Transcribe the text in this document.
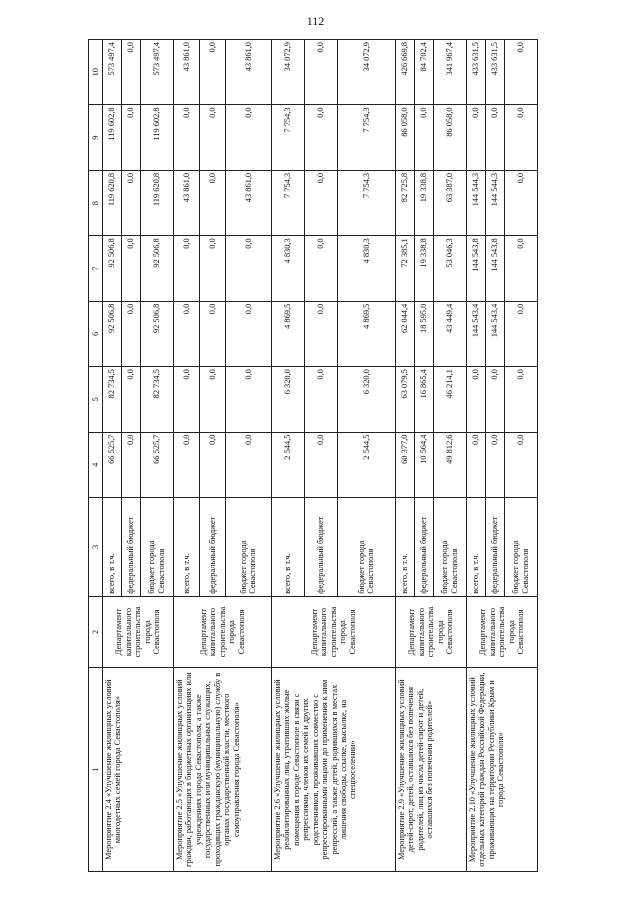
112
1	2	3	4	5	6	7	8	9	10
Мероприятие 2.4 «Улучшение жилищных условий многодетных семей города Севастополя»	Департамент капитального строительства города Севастополя	всего, в т.ч.	66 525,7	82 734,5	92 506,8	92 506,8	119 620,8	119 602,8	573 497,4
		федеральный бюджет	0,0	0,0	0,0	0,0	0,0	0,0	0,0
		бюджет города Севастополя	66 525,7	82 734,5	92 506,8	92 506,8	119 620,8	119 602,8	573 497,4
Мероприятие 2.5 «Улучшение жилищных условий граждан, работающих в бюджетных организациях или учреждениях города Севастополя, а также государственных или муниципальных служащих, проходящих гражданскую (муниципальную) службу в органах государственной власти, местного самоуправления города Севастополя»	Департамент капитального строительства города Севастополя	всего, в т.ч.	0,0	0,0	0,0	0,0	43 861,0	0,0	43 861,0
		федеральный бюджет	0,0	0,0	0,0	0,0	0,0	0,0	0,0
		бюджет города Севастополя	0,0	0,0	0,0	0,0	43 861,0	0,0	43 861,0
Мероприятие 2.6 «Улучшение жилищных условий реабилитированных лиц, утративших жилые помещения в городе Севастополе в связи с репрессиями, членов их семей и других родственников, проживавших совместно с репрессированными лицами до применения к ним репрессий, а также детей, родившихся в местах лишения свободы, ссылке, высылке, на спецпоселении»	Департамент капитального строительства города Севастополя	всего, в т.ч.	2 544,5	6 320,0	4 869,5	4 830,3	7 754,3	7 754,3	34 072,9
		федеральный бюджет	0,0	0,0	0,0	0,0	0,0	0,0	0,0
		бюджет города Севастополя	2 544,5	6 320,0	4 869,5	4 830,3	7 754,3	7 754,3	34 072,9
Мероприятие 2.9 «Улучшение жилищных условий детей-сирот, детей, оставшихся без попечения родителей, лиц из числа детей-сирот и детей, оставшихся без попечения родителей»	Департамент капитального строительства города Севастополя	всего, в т.ч.	60 377,0	63 079,5	62 044,4	72 385,1	82 725,8	86 058,0	426 669,8
		федеральный бюджет	10 564,4	16 865,4	18 595,0	19 338,8	19 338,8	0,0	84 702,4
		бюджет города Севастополя	49 812,6	46 214,1	43 449,4	53 046,3	63 387,0	86 058,0	341 967,4
Мероприятие 2.10 «Улучшение жилищных условий отдельных категорий граждан Российской Федерации, проживающих на территории Республики Крым и города Севастополя»	Департамент капитального строительства города Севастополя	всего, в т.ч.	0,0	0,0	144 543,4	144 543,8	144 544,3	0,0	433 631,5
		федеральный бюджет	0,0	0,0	144 543,4	144 543,8	144 544,3	0,0	433 631,5
		бюджет города Севастополя	0,0	0,0	0,0	0,0	0,0	0,0	0,0
